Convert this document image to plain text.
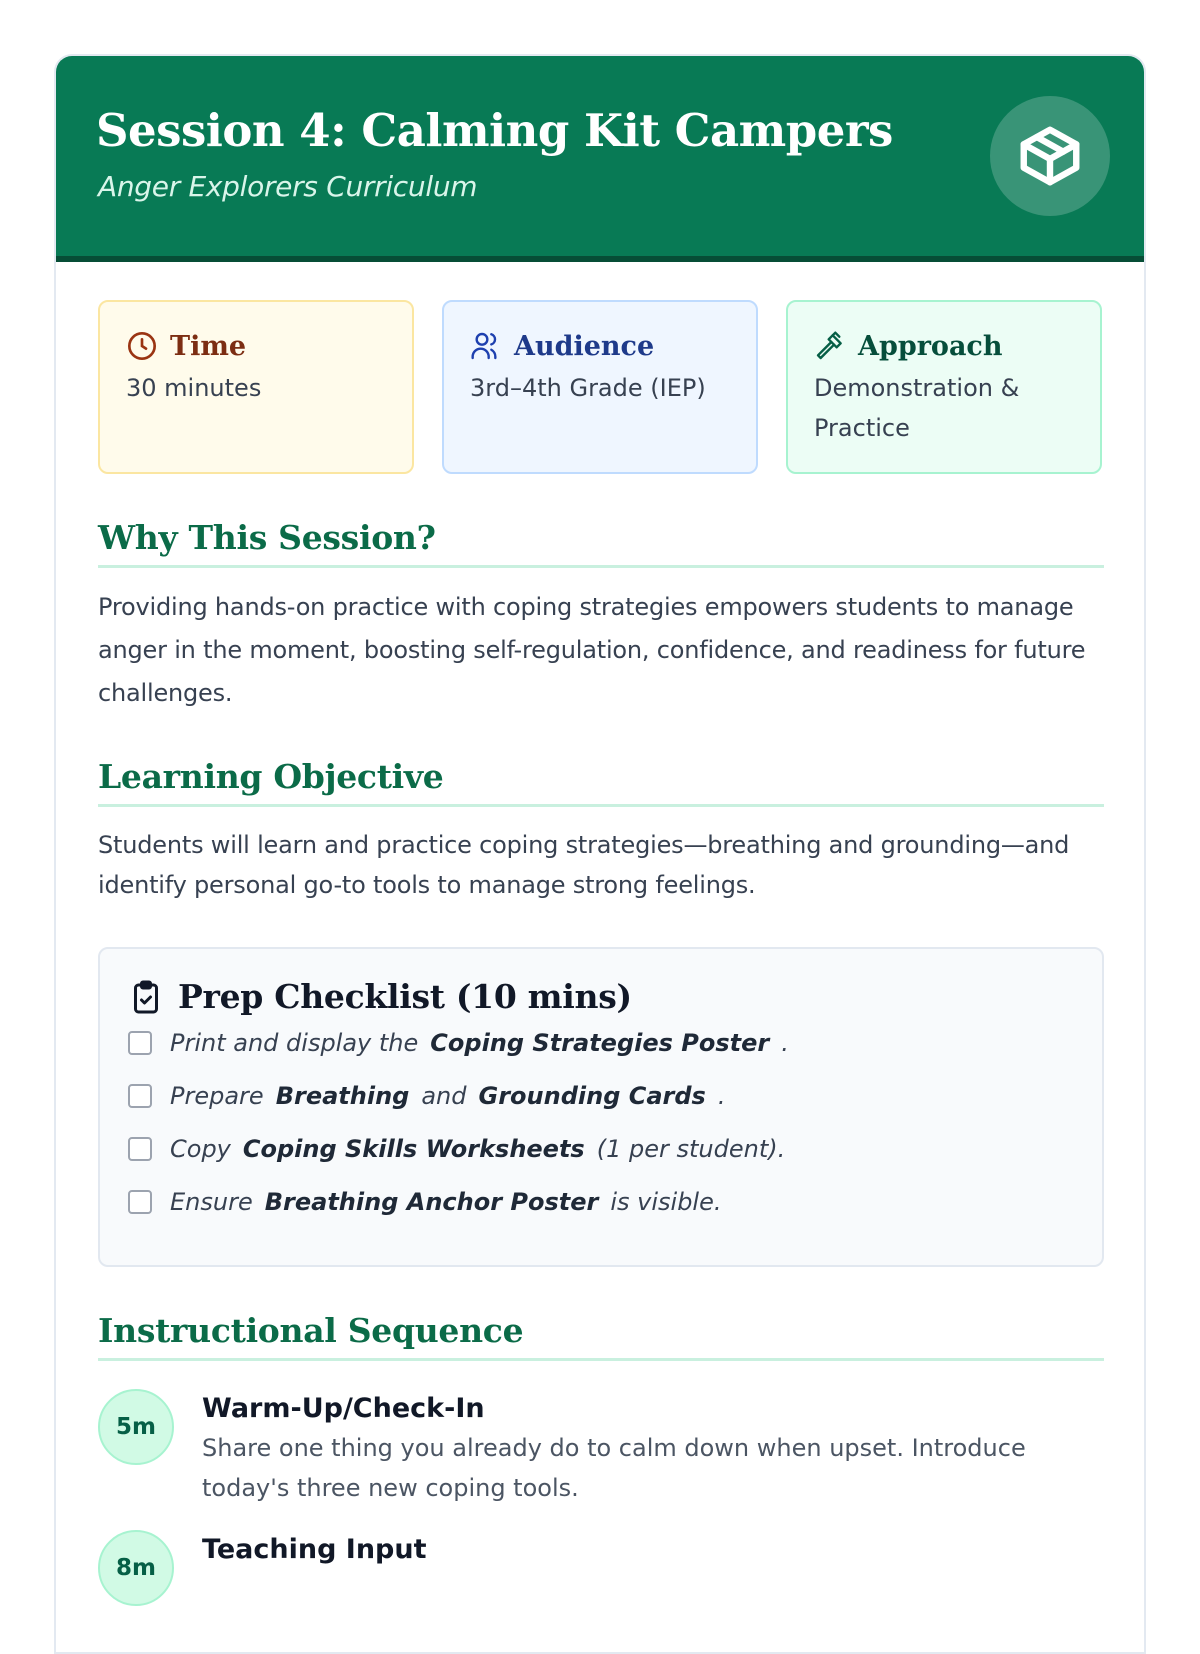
Session 4: Calming Kit Campers
Anger Explorers Curriculum
Time
30 minutes
Audience
3rd–4th Grade (IEP)
Approach
Demonstration & Practice
Why This Session?

Providing hands-on practice with coping strategies empowers students to manage anger in the moment, boosting self-regulation, confidence, and readiness for future challenges.

Learning Objective

Students will learn and practice coping strategies—breathing and grounding—and identify personal go-to tools to manage strong feelings.

Prep Checklist (10 mins)
Print and display the Coping Strategies Poster .
Prepare Breathing and Grounding Cards .
Copy Coping Skills Worksheets (1 per student).
Ensure Breathing Anchor Poster is visible.
Instructional Sequence
5m
Warm-Up/Check-In
Share one thing you already do to calm down when upset. Introduce today's three new coping tools.
8m
Teaching Input
